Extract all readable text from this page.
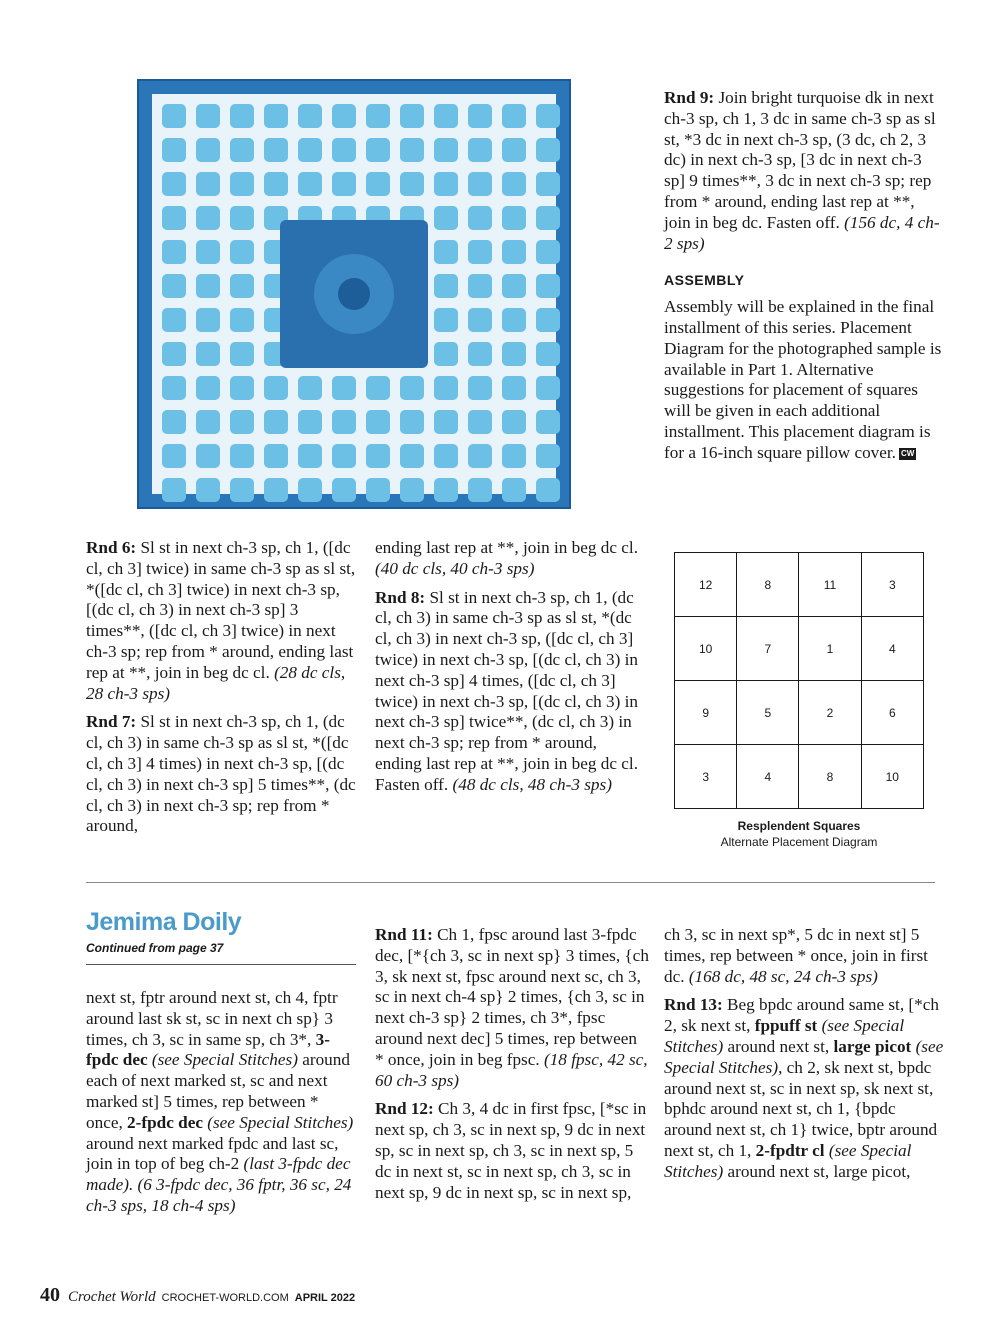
Rnd 9: Join bright turquoise dk in next ch-3 sp, ch 1, 3 dc in same ch-3 sp as sl st, *3 dc in next ch-3 sp, (3 dc, ch 2, 3 dc) in next ch-3 sp, [3 dc in next ch-3 sp] 9 times**, 3 dc in next ch-3 sp; rep from * around, ending last rep at **, join in beg dc. Fasten off. (156 dc, 4 ch-2 sps)

ASSEMBLY

Assembly will be explained in the final installment of this series. Placement Diagram for the photographed sample is available in Part 1. Alternative suggestions for placement of squares will be given in each additional installment. This placement diagram is for a 16-inch square pillow cover. CW

Rnd 6: Sl st in next ch-3 sp, ch 1, ([dc cl, ch 3] twice) in same ch-3 sp as sl st, *([dc cl, ch 3] twice) in next ch-3 sp, [(dc cl, ch 3) in next ch-3 sp] 3 times**, ([dc cl, ch 3] twice) in next ch-3 sp; rep from * around, ending last rep at **, join in beg dc cl. (28 dc cls, 28 ch-3 sps)

Rnd 7: Sl st in next ch-3 sp, ch 1, (dc cl, ch 3) in same ch-3 sp as sl st, *([dc cl, ch 3] 4 times) in next ch-3 sp, [(dc cl, ch 3) in next ch-3 sp] 5 times**, (dc cl, ch 3) in next ch-3 sp; rep from * around,

ending last rep at **, join in beg dc cl. (40 dc cls, 40 ch-3 sps)

Rnd 8: Sl st in next ch-3 sp, ch 1, (dc cl, ch 3) in same ch-3 sp as sl st, *(dc cl, ch 3) in next ch-3 sp, ([dc cl, ch 3] twice) in next ch-3 sp, [(dc cl, ch 3) in next ch-3 sp] 4 times, ([dc cl, ch 3] twice) in next ch-3 sp, [(dc cl, ch 3) in next ch-3 sp] twice**, (dc cl, ch 3) in next ch-3 sp; rep from * around, ending last rep at **, join in beg dc cl. Fasten off. (48 dc cls, 48 ch-3 sps)

12	8	11	3
10	7	1	4
9	5	2	6
3	4	8	10
Resplendent Squares
Alternate Placement Diagram
Jemima Doily
Continued from page 37

next st, fptr around next st, ch 4, fptr around last sk st, sc in next ch sp} 3 times, ch 3, sc in same sp, ch 3*, 3-fpdc dec (see Special Stitches) around each of next marked st, sc and next marked st] 5 times, rep between * once, 2-fpdc dec (see Special Stitches) around next marked fpdc and last sc, join in top of beg ch-2 (last 3-fpdc dec made). (6 3-fpdc dec, 36 fptr, 36 sc, 24 ch-3 sps, 18 ch-4 sps)

Rnd 11: Ch 1, fpsc around last 3-fpdc dec, [*{ch 3, sc in next sp} 3 times, {ch 3, sk next st, fpsc around next sc, ch 3, sc in next ch-4 sp} 2 times, {ch 3, sc in next ch-3 sp} 2 times, ch 3*, fpsc around next dec] 5 times, rep between * once, join in beg fpsc. (18 fpsc, 42 sc, 60 ch-3 sps)

Rnd 12: Ch 3, 4 dc in first fpsc, [*sc in next sp, ch 3, sc in next sp, 9 dc in next sp, sc in next sp, ch 3, sc in next sp, 5 dc in next st, sc in next sp, ch 3, sc in next sp, 9 dc in next sp, sc in next sp,

ch 3, sc in next sp*, 5 dc in next st] 5 times, rep between * once, join in first dc. (168 dc, 48 sc, 24 ch-3 sps)

Rnd 13: Beg bpdc around same st, [*ch 2, sk next st, fppuff st (see Special Stitches) around next st, large picot (see Special Stitches), ch 2, sk next st, bpdc around next st, sc in next sp, sk next st, bphdc around next st, ch 1, {bpdc around next st, ch 1} twice, bptr around next st, ch 1, 2-fpdtr cl (see Special Stitches) around next st, large picot,

40 Crochet World CROCHET-WORLD.COM APRIL 2022
